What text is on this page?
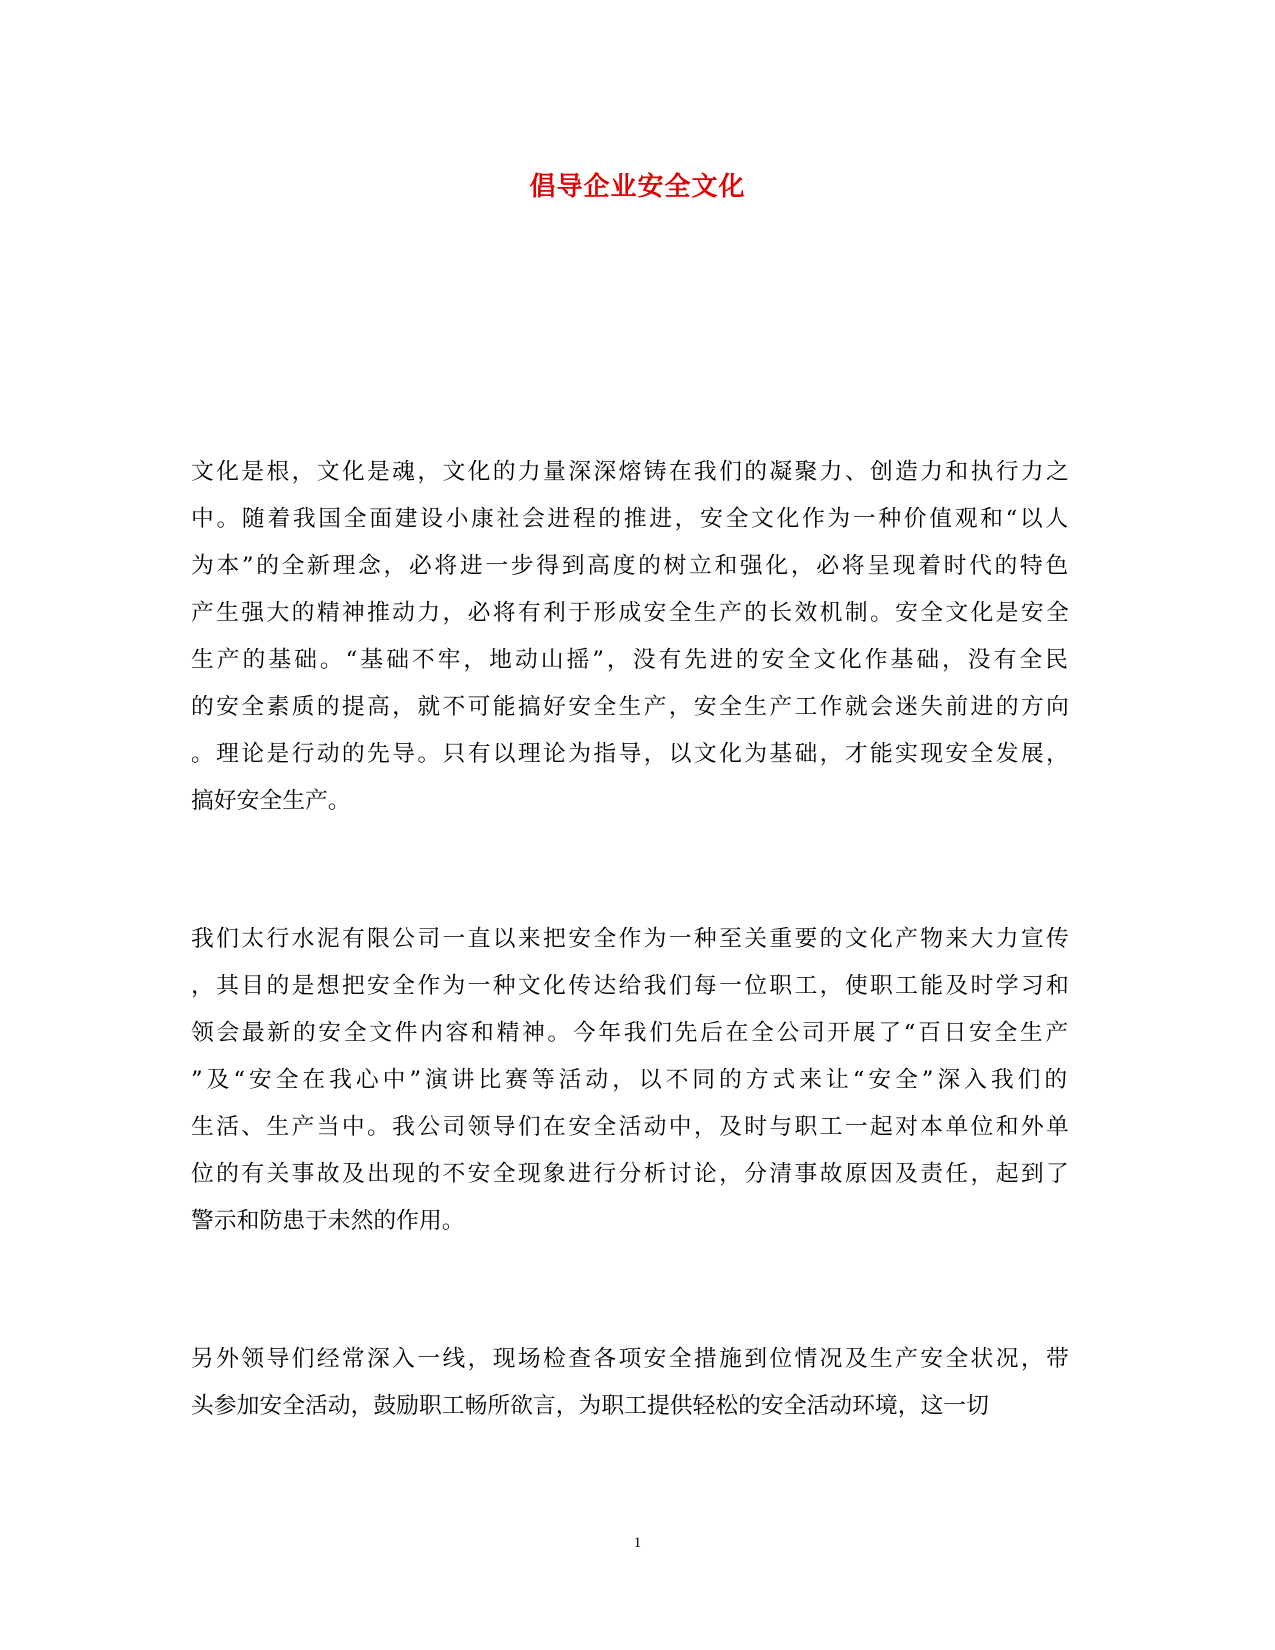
倡导企业安全文化
文化是根，文化是魂，文化的力量深深熔铸在我们的凝聚力、创造力和执行力之
中。随着我国全面建设小康社会进程的推进，安全文化作为一种价值观和“以人
为本”的全新理念，必将进一步得到高度的树立和强化，必将呈现着时代的特色
产生强大的精神推动力，必将有利于形成安全生产的长效机制。安全文化是安全
生产的基础。“基础不牢，地动山摇”，没有先进的安全文化作基础，没有全民
的安全素质的提高，就不可能搞好安全生产，安全生产工作就会迷失前进的方向
。理论是行动的先导。只有以理论为指导，以文化为基础，才能实现安全发展，
搞好安全生产。
我们太行水泥有限公司一直以来把安全作为一种至关重要的文化产物来大力宣传
，其目的是想把安全作为一种文化传达给我们每一位职工，使职工能及时学习和
领会最新的安全文件内容和精神。今年我们先后在全公司开展了“百日安全生产
”及“安全在我心中”演讲比赛等活动，以不同的方式来让“安全”深入我们的
生活、生产当中。我公司领导们在安全活动中，及时与职工一起对本单位和外单
位的有关事故及出现的不安全现象进行分析讨论，分清事故原因及责任，起到了
警示和防患于未然的作用。
另外领导们经常深入一线，现场检查各项安全措施到位情况及生产安全状况，带
头参加安全活动，鼓励职工畅所欲言，为职工提供轻松的安全活动环境，这一切
1
